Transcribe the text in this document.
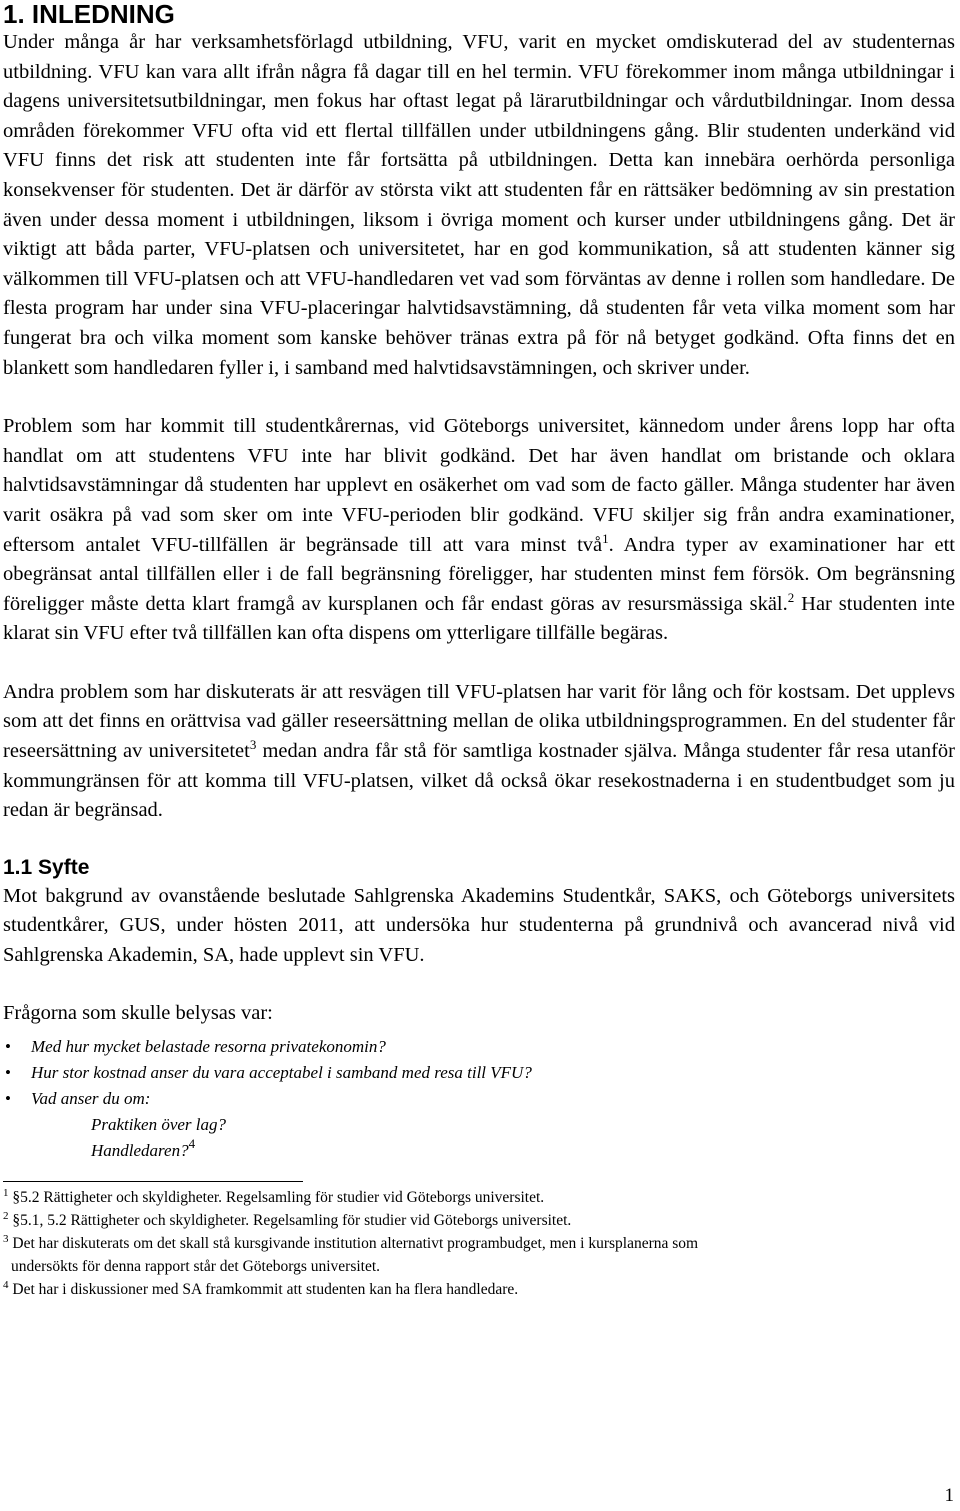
1. INLEDNING

Under många år har verksamhetsförlagd utbildning, VFU, varit en mycket omdiskuterad del av studenternas utbildning. VFU kan vara allt ifrån några få dagar till en hel termin. VFU förekommer inom många utbildningar i dagens universitetsutbildningar, men fokus har oftast legat på lärarutbildningar och vårdutbildningar. Inom dessa områden förekommer VFU ofta vid ett flertal tillfällen under utbildningens gång. Blir studenten underkänd vid VFU finns det risk att studenten inte får fortsätta på utbildningen. Detta kan innebära oerhörda personliga konsekvenser för studenten. Det är därför av största vikt att studenten får en rättsäker bedömning av sin prestation även under dessa moment i utbildningen, liksom i övriga moment och kurser under utbildningens gång. Det är viktigt att båda parter, VFU-platsen och universitetet, har en god kommunikation, så att studenten känner sig välkommen till VFU-platsen och att VFU-handledaren vet vad som förväntas av denne i rollen som handledare. De flesta program har under sina VFU-placeringar halvtidsavstämning, då studenten får veta vilka moment som har fungerat bra och vilka moment som kanske behöver tränas extra på för nå betyget godkänd. Ofta finns det en blankett som handledaren fyller i, i samband med halvtidsavstämningen, och skriver under.

Problem som har kommit till studentkårernas, vid Göteborgs universitet, kännedom under årens lopp har ofta handlat om att studentens VFU inte har blivit godkänd. Det har även handlat om bristande och oklara halvtidsavstämningar då studenten har upplevt en osäkerhet om vad som de facto gäller. Många studenter har även varit osäkra på vad som sker om inte VFU-perioden blir godkänd. VFU skiljer sig från andra examinationer, eftersom antalet VFU-tillfällen är begränsade till att vara minst två$^1$. Andra typer av examinationer har ett obegränsat antal tillfällen eller i de fall begränsning föreligger, har studenten minst fem försök. Om begränsning föreligger måste detta klart framgå av kursplanen och får endast göras av resursmässiga skäl.$^2$ Har studenten inte klarat sin VFU efter två tillfällen kan ofta dispens om ytterligare tillfälle begäras.

Andra problem som har diskuterats är att resvägen till VFU-platsen har varit för lång och för kostsam. Det upplevs som att det finns en orättvisa vad gäller reseersättning mellan de olika utbildningsprogrammen. En del studenter får reseersättning av universitetet$^3$ medan andra får stå för samtliga kostnader själva. Många studenter får resa utanför kommungränsen för att komma till VFU-platsen, vilket då också ökar resekostnaderna i en studentbudget som ju redan är begränsad.

1.1 Syfte

Mot bakgrund av ovanstående beslutade Sahlgrenska Akademins Studentkår, SAKS, och Göteborgs universitets studentkårer, GUS, under hösten 2011, att undersöka hur studenterna på grundnivå och avancerad nivå vid Sahlgrenska Akademin, SA, hade upplevt sin VFU.

Frågorna som skulle belysas var:

• Med hur mycket belastade resorna privatekonomin?
• Hur stor kostnad anser du vara acceptabel i samband med resa till VFU?
• Vad anser du om:
Praktiken över lag?
Handledaren?$^4$

$^1$ §5.2 Rättigheter och skyldigheter. Regelsamling för studier vid Göteborgs universitet.

$^2$ §5.1, 5.2 Rättigheter och skyldigheter. Regelsamling för studier vid Göteborgs universitet.

$^3$ Det har diskuterats om det skall stå kursgivande institution alternativt programbudget, men i kursplanerna som

undersökts för denna rapport står det Göteborgs universitet.

$^4$ Det har i diskussioner med SA framkommit att studenten kan ha flera handledare.

1
